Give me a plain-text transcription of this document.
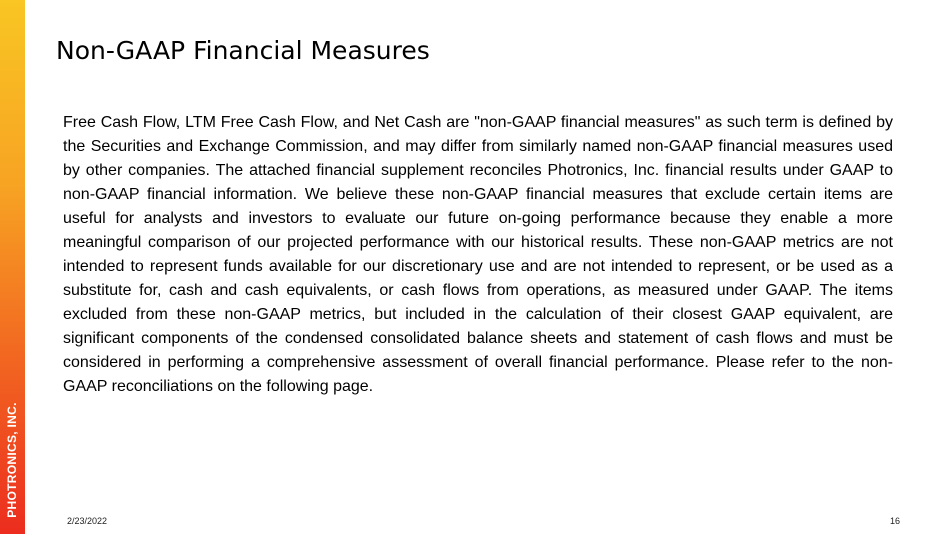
PHOTRONICS, INC.
Non-GAAP Financial Measures

Free Cash Flow, LTM Free Cash Flow, and Net Cash are "non-GAAP financial measures" as such term is defined by the Securities and Exchange Commission, and may differ from similarly named non-GAAP financial measures used by other companies. The attached financial supplement reconciles Photronics, Inc. financial results under GAAP to non-GAAP financial information. We believe these non-GAAP financial measures that exclude certain items are useful for analysts and investors to evaluate our future on-going performance because they enable a more meaningful comparison of our projected performance with our historical results. These non-GAAP metrics are not intended to represent funds available for our discretionary use and are not intended to represent, or be used as a substitute for, cash and cash equivalents, or cash flows from operations, as measured under GAAP. The items excluded from these non-GAAP metrics, but included in the calculation of their closest GAAP equivalent, are significant components of the condensed consolidated balance sheets and statement of cash flows and must be considered in performing a comprehensive assessment of overall financial performance. Please refer to the non-GAAP reconciliations on the following page.

2/23/2022	16
